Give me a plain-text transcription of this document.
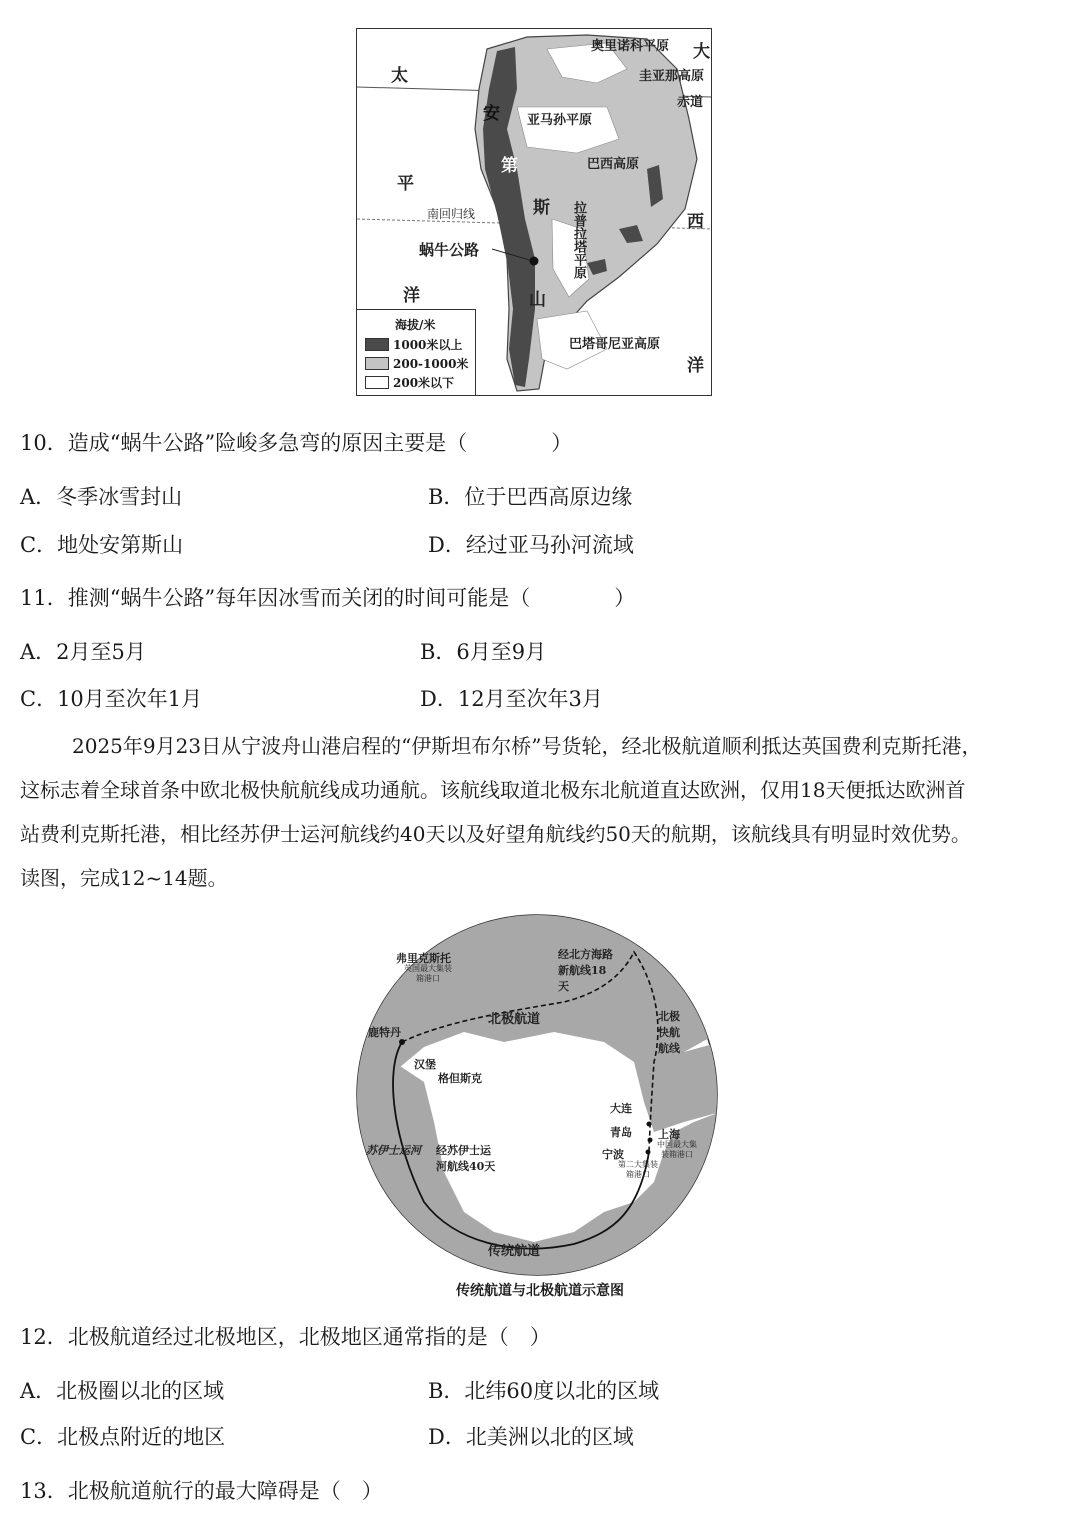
奥里诺科平原 大
圭亚那高原
赤道
太
安 亚马孙平原
第	巴西高原
平
南回归线	斯 拉普拉塔平原	西
蜗牛公路
洋	山
巴塔哥尼亚高原
洋
海拔/米
1000米以上
200-1000米
200米以下
10．造成“蜗牛公路”险峻多急弯的原因主要是（　　　　）
A．冬季冰雪封山	B．位于巴西高原边缘
C．地处安第斯山	D．经过亚马孙河流域
11．推测“蜗牛公路”每年因冰雪而关闭的时间可能是（　　　　）
A．2月至5月	B．6月至9月
C．10月至次年1月	D．12月至次年3月

2025年9月23日从宁波舟山港启程的“伊斯坦布尔桥”号货轮，经北极航道顺利抵达英国费利克斯托港，

这标志着全球首条中欧北极快航航线成功通航。该航线取道北极东北航道直达欧洲，仅用18天便抵达欧洲首

站费利克斯托港，相比经苏伊士运河航线约40天以及好望角航线约50天的航期，该航线具有明显时效优势。

读图，完成12~14题。

弗里克斯托
英国最大集装箱港口
经北方海路新航线18天
北极航道	北极快航航线
鹿特丹
汉堡
格但斯克
大连
青岛 上海
中国最大集装箱港口
宁波
第二大集装箱港口
苏伊士运河 经苏伊士运河航线40天
传统航道
传统航道与北极航道示意图
12．北极航道经过北极地区，北极地区通常指的是（　）
A．北极圈以北的区域	B．北纬60度以北的区域
C．北极点附近的地区	D．北美洲以北的区域
13．北极航道航行的最大障碍是（　）
